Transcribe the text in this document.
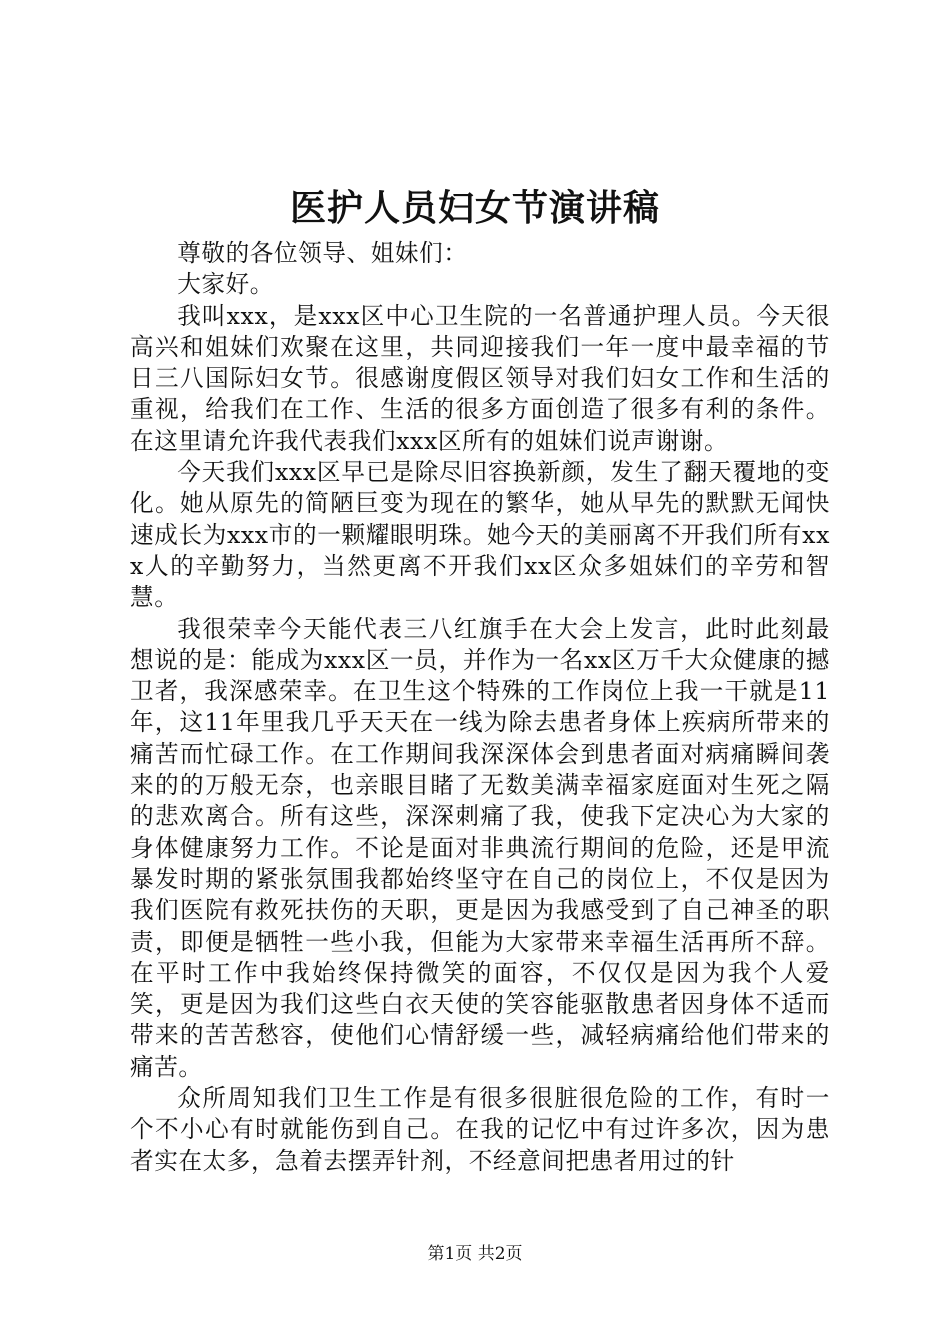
医护人员妇女节演讲稿

尊敬的各位领导、姐妹们：

大家好。

我叫xxx，是xxx区中心卫生院的一名普通护理人员。今天很高兴和姐妹们欢聚在这里，共同迎接我们一年一度中最幸福的节日三八国际妇女节。很感谢度假区领导对我们妇女工作和生活的重视，给我们在工作、生活的很多方面创造了很多有利的条件。在这里请允许我代表我们xxx区所有的姐妹们说声谢谢。

今天我们xxx区早已是除尽旧容换新颜，发生了翻天覆地的变化。她从原先的简陋巨变为现在的繁华，她从早先的默默无闻快速成长为xxx市的一颗耀眼明珠。她今天的美丽离不开我们所有xxx人的辛勤努力，当然更离不开我们xx区众多姐妹们的辛劳和智慧。

我很荣幸今天能代表三八红旗手在大会上发言，此时此刻最想说的是：能成为xxx区一员，并作为一名xx区万千大众健康的撼卫者，我深感荣幸。在卫生这个特殊的工作岗位上我一干就是11年，这11年里我几乎天天在一线为除去患者身体上疾病所带来的痛苦而忙碌工作。在工作期间我深深体会到患者面对病痛瞬间袭来的的万般无奈，也亲眼目睹了无数美满幸福家庭面对生死之隔的悲欢离合。所有这些，深深刺痛了我，使我下定决心为大家的身体健康努力工作。不论是面对非典流行期间的危险，还是甲流暴发时期的紧张氛围我都始终坚守在自己的岗位上，不仅是因为我们医院有救死扶伤的天职，更是因为我感受到了自己神圣的职责，即便是牺牲一些小我，但能为大家带来幸福生活再所不辞。在平时工作中我始终保持微笑的面容，不仅仅是因为我个人爱笑，更是因为我们这些白衣天使的笑容能驱散患者因身体不适而带来的苦苦愁容，使他们心情舒缓一些，减轻病痛给他们带来的痛苦。

众所周知我们卫生工作是有很多很脏很危险的工作，有时一个不小心有时就能伤到自己。在我的记忆中有过许多次，因为患者实在太多，急着去摆弄针剂，不经意间把患者用过的针

第1页 共2页
